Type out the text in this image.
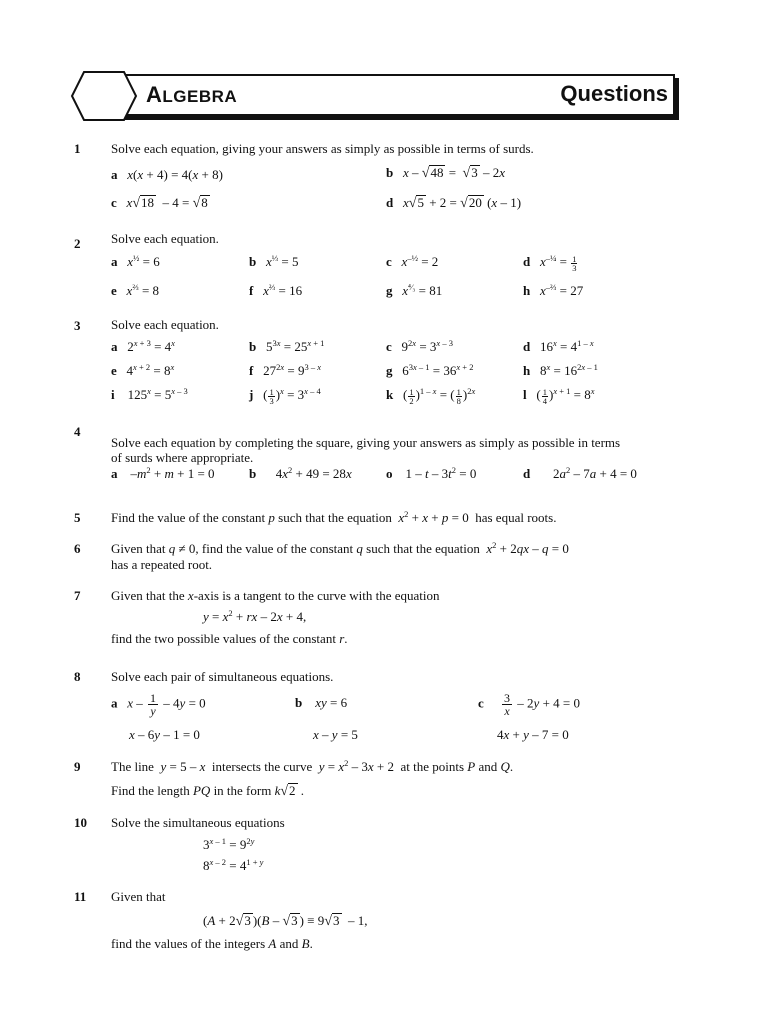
ALGEBRA	Questions
1 Solve each equation, giving your answers as simply as possible in terms of surds.
a x(x + 4) = 4(x + 8)	b x – √48 =  √3 – 2x
c x√18  – 4 = √8	d x√5 + 2 = √20 (x – 1)
2 Solve each equation.
a $x^{\frac{1}{2}} = 6$	b $x^{\frac{1}{3}} = 5$	c $x^{-\frac{1}{2}} = 2$	d $x^{-\frac{1}{4}} = \frac{1}{3}$
e $x^{\frac{2}{3}} = 8$	f $x^{\frac{2}{3}} = 16$	g $x^{^4⁄_3} = 81$	h $x^{-\frac{2}{3}} = 27$
3 Solve each equation.
a   $2^{x + 3} = 4^x$	b   $5^{3x} = 25^{x + 1}$	c   $9^{2x} = 3^{x - 3}$	d   $16^x = 4^{1 - x}$
e   $4^{x + 2} = 8^x$	f   $27^{2x} = 9^{3 - x}$	g   $6^{3x - 1} = 36^{x + 2}$	h   $8^x = 16^{2x - 1}$
i    $125^x = 5^{x - 3}$	j   ( $\frac{1}{3} )^x = 3^{x - 4}$	k   ( $\frac{1}{2} )^{1 - x}$ = ( $\frac{1}{8} )^{2x}$	l   ( $\frac{1}{4} )^{x + 1} = 8^x$
4
Solve each equation by completing the square, giving your answers as simply as possible in terms
of surds where appropriate.
a    $-m^2 + m + 1 = 0$	b      $4x^2 + 49 = 28x$	o    $1 - t - 3t^2 = 0$	d       $2a^2 - 7a + 4 = 0$
5 Find the value of the constant p such that the equation  $x^2 + x + p = 0$  has equal roots.
6 Given that q ≠ 0, find the value of the constant q such that the equation  $x^2 + 2qx - q = 0$
has a repeated root.
7 Given that the x-axis is a tangent to the curve with the equation
$y = x^2$ + rx – 2x + 4,
find the two possible values of the constant r.
8 Solve each pair of simultaneous equations.
a $x - \frac{1}{y} - 4y = 0$
x – 6y – 1 = 0
b xy = 6
x – y = 5
c $\frac{3}{x} - 2y + 4 = 0$
4x + y – 7 = 0
9 The line  y = 5 – x  intersects the curve  $y = x^2 - 3x + 2$  at the points P and Q.
Find the length PQ in the form k√2 .
10 Solve the simultaneous equations
$3^{x - 1} = 9^{2y}$
$8^{x - 2} = 4^{1 + y}$
11 Given that
(A + 2√3 )(B – √3 ) ≡ 9√3  – 1,
find the values of the integers A and B.
